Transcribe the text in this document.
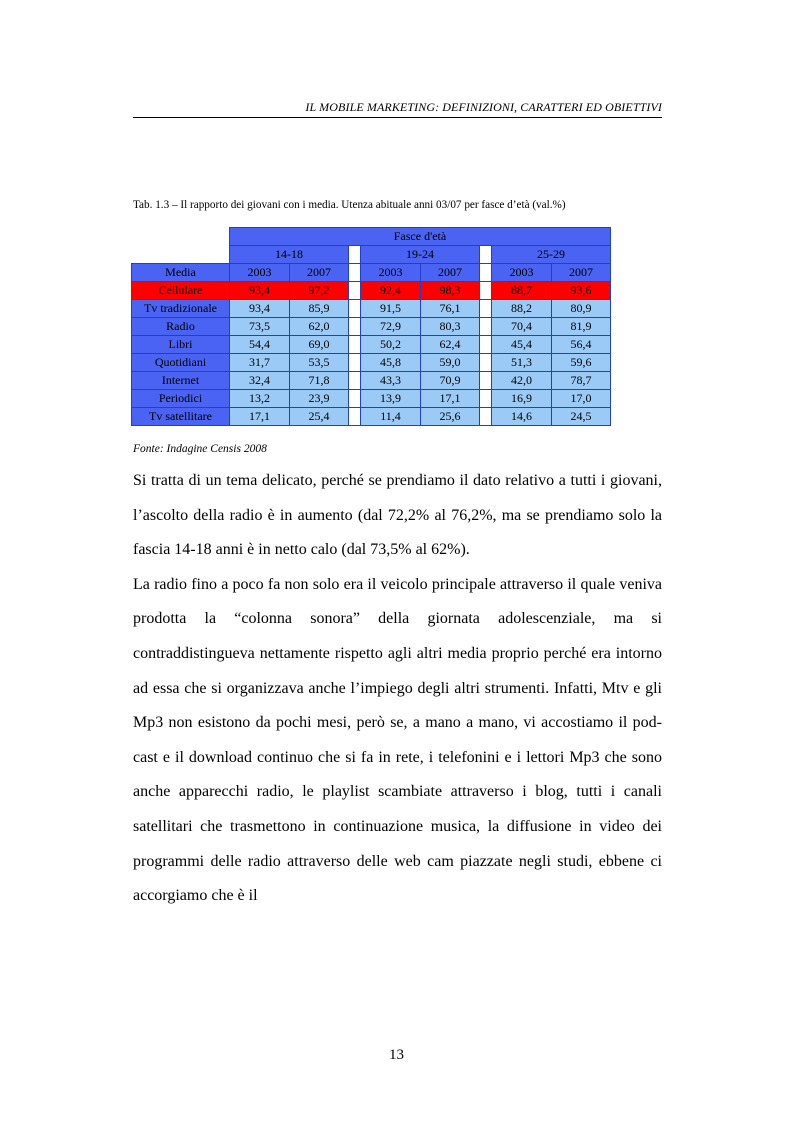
IL MOBILE MARKETING: DEFINIZIONI, CARATTERI ED OBIETTIVI
Tab. 1.3 – Il rapporto dei giovani con i media. Utenza abituale anni 03/07 per fasce d’età (val.%)
	Fasce d'età							
	14-18			19-24			25-29	
Media	2003	2007		2003	2007		2003	2007
Cellulare	93,4	97,2		92,4	98,3		88,7	93,6
Tv tradizionale	93,4	85,9		91,5	76,1		88,2	80,9
Radio	73,5	62,0		72,9	80,3		70,4	81,9
Libri	54,4	69,0		50,2	62,4		45,4	56,4
Quotidiani	31,7	53,5		45,8	59,0		51,3	59,6
Internet	32,4	71,8		43,3	70,9		42,0	78,7
Periodici	13,2	23,9		13,9	17,1		16,9	17,0
Tv satellitare	17,1	25,4		11,4	25,6		14,6	24,5
Fonte: Indagine Censis 2008

Si tratta di un tema delicato, perché se prendiamo il dato relativo a tutti i giovani, l’ascolto della radio è in aumento (dal 72,2% al 76,2%, ma se prendiamo solo la fascia 14-18 anni è in netto calo (dal 73,5% al 62%).

La radio fino a poco fa non solo era il veicolo principale attraverso il quale veniva prodotta la “colonna sonora” della giornata adolescenziale, ma si contraddistingueva nettamente rispetto agli altri media proprio perché era intorno ad essa che si organizzava anche l’impiego degli altri strumenti. Infatti, Mtv e gli Mp3 non esistono da pochi mesi, però se, a mano a mano, vi accostiamo il pod-cast e il download continuo che si fa in rete, i telefonini e i lettori Mp3 che sono anche apparecchi radio, le playlist scambiate attraverso i blog, tutti i canali satellitari che trasmettono in continuazione musica, la diffusione in video dei programmi delle radio attraverso delle web cam piazzate negli studi, ebbene ci accorgiamo che è il

13
